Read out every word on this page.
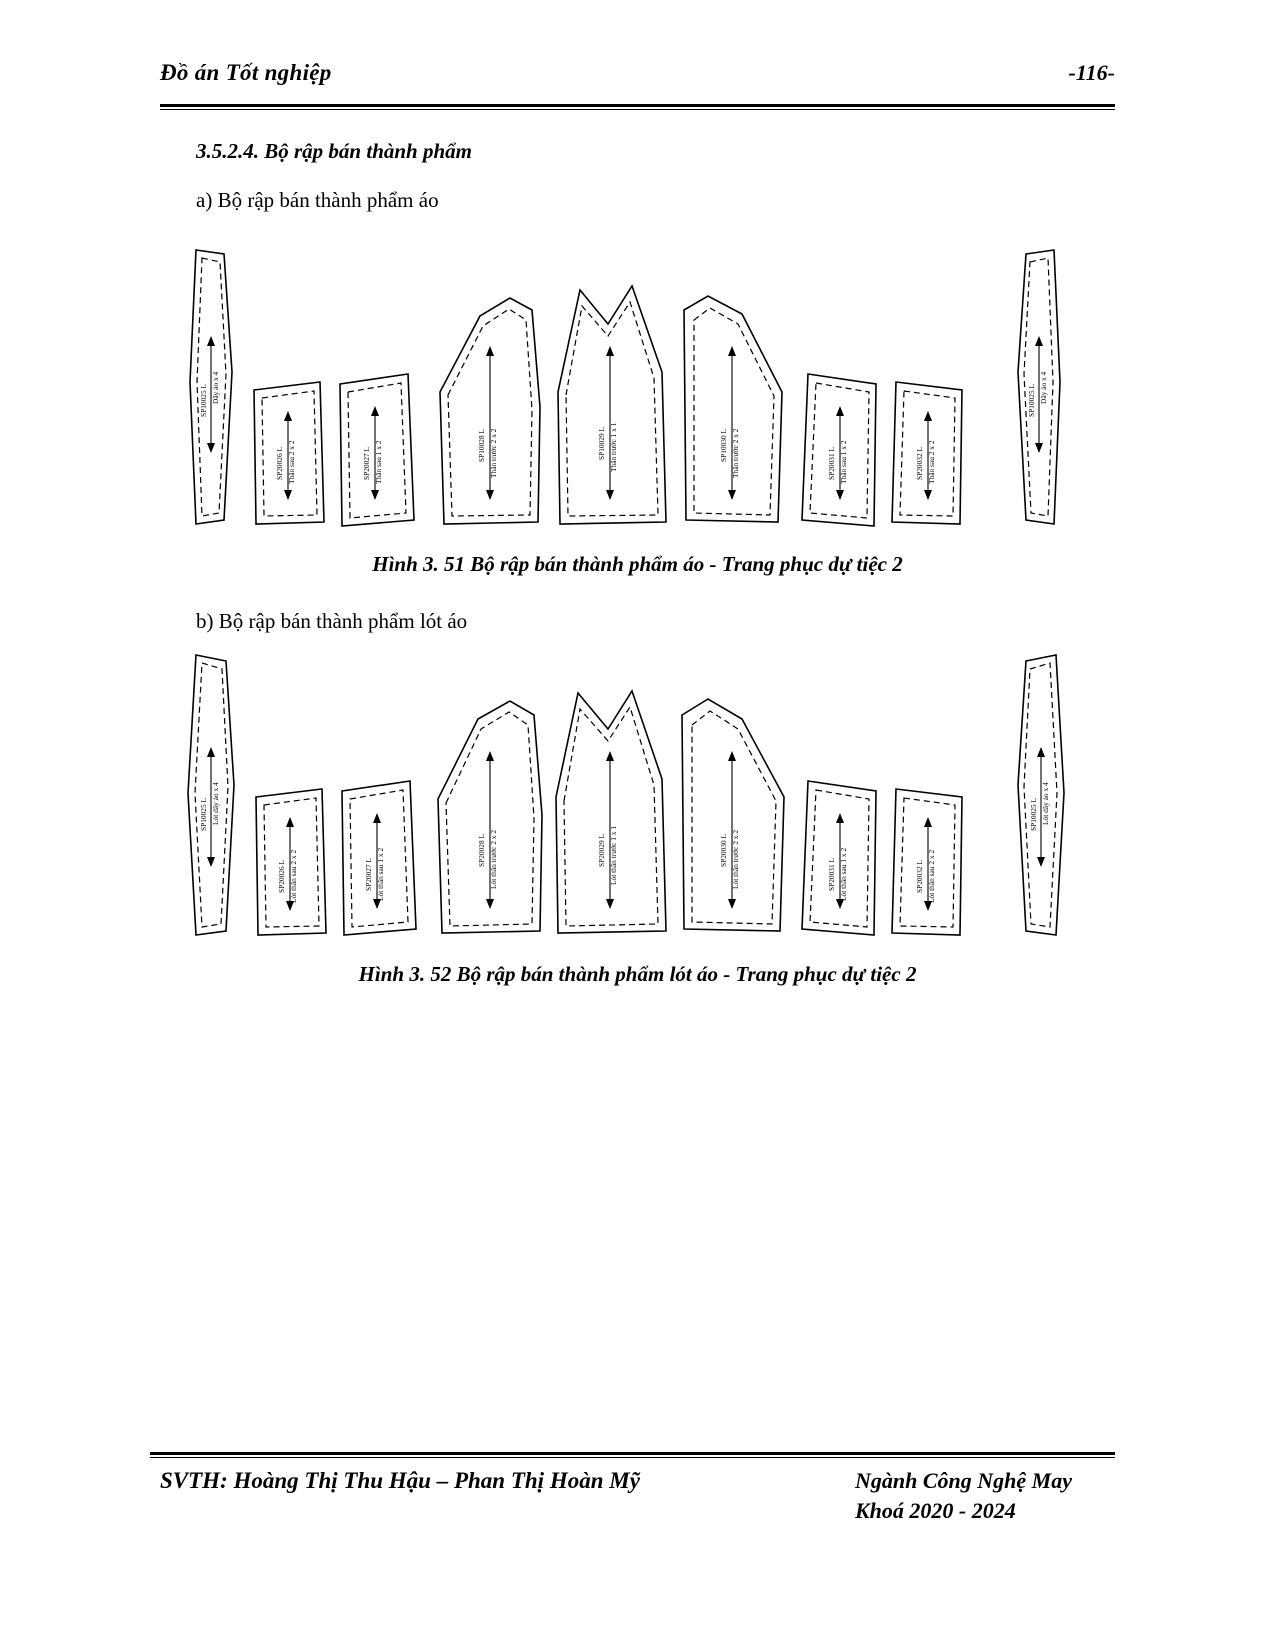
Đồ án Tốt nghiệp	-116-
3.5.2.4. Bộ rập bán thành phẩm
a) Bộ rập bán thành phẩm áo
SP10025 L Dây áo x 4
SP20026 L Thân sau 2 x 2	SP20027 L Thân sau 1 x 2	SP10028 L Thân trước 2 x 2	SP10029 L Thân trước 1 x 1	SP10030 L Thân trước 2 x 2	SP20031 L Thân sau 1 x 2	SP20032 L Thân sau 2 x 2
SP10025 L Dây áo x 4
Hình 3. 51 Bộ rập bán thành phẩm áo - Trang phục dự tiệc 2
b) Bộ rập bán thành phẩm lót áo
SP10025 L Lót dây áo x 4
SP20026 L Lót thân sau 2 x 2	SP20027 L Lót thân sau 1 x 2	SP20028 L Lót thân trước 2 x 2	SP20029 L Lót thân trước 1 x 1	SP20030 L Lót thân trước 2 x 2	SP20031 L Lót thân sau 1 x 2	SP20032 L Lót thân sau 2 x 2
SP10025 L Lót dây áo x 4
Hình 3. 52 Bộ rập bán thành phẩm lót áo - Trang phục dự tiệc 2
SVTH: Hoàng Thị Thu Hậu – Phan Thị Hoàn Mỹ	Ngành Công Nghệ May
Khoá 2020 - 2024
